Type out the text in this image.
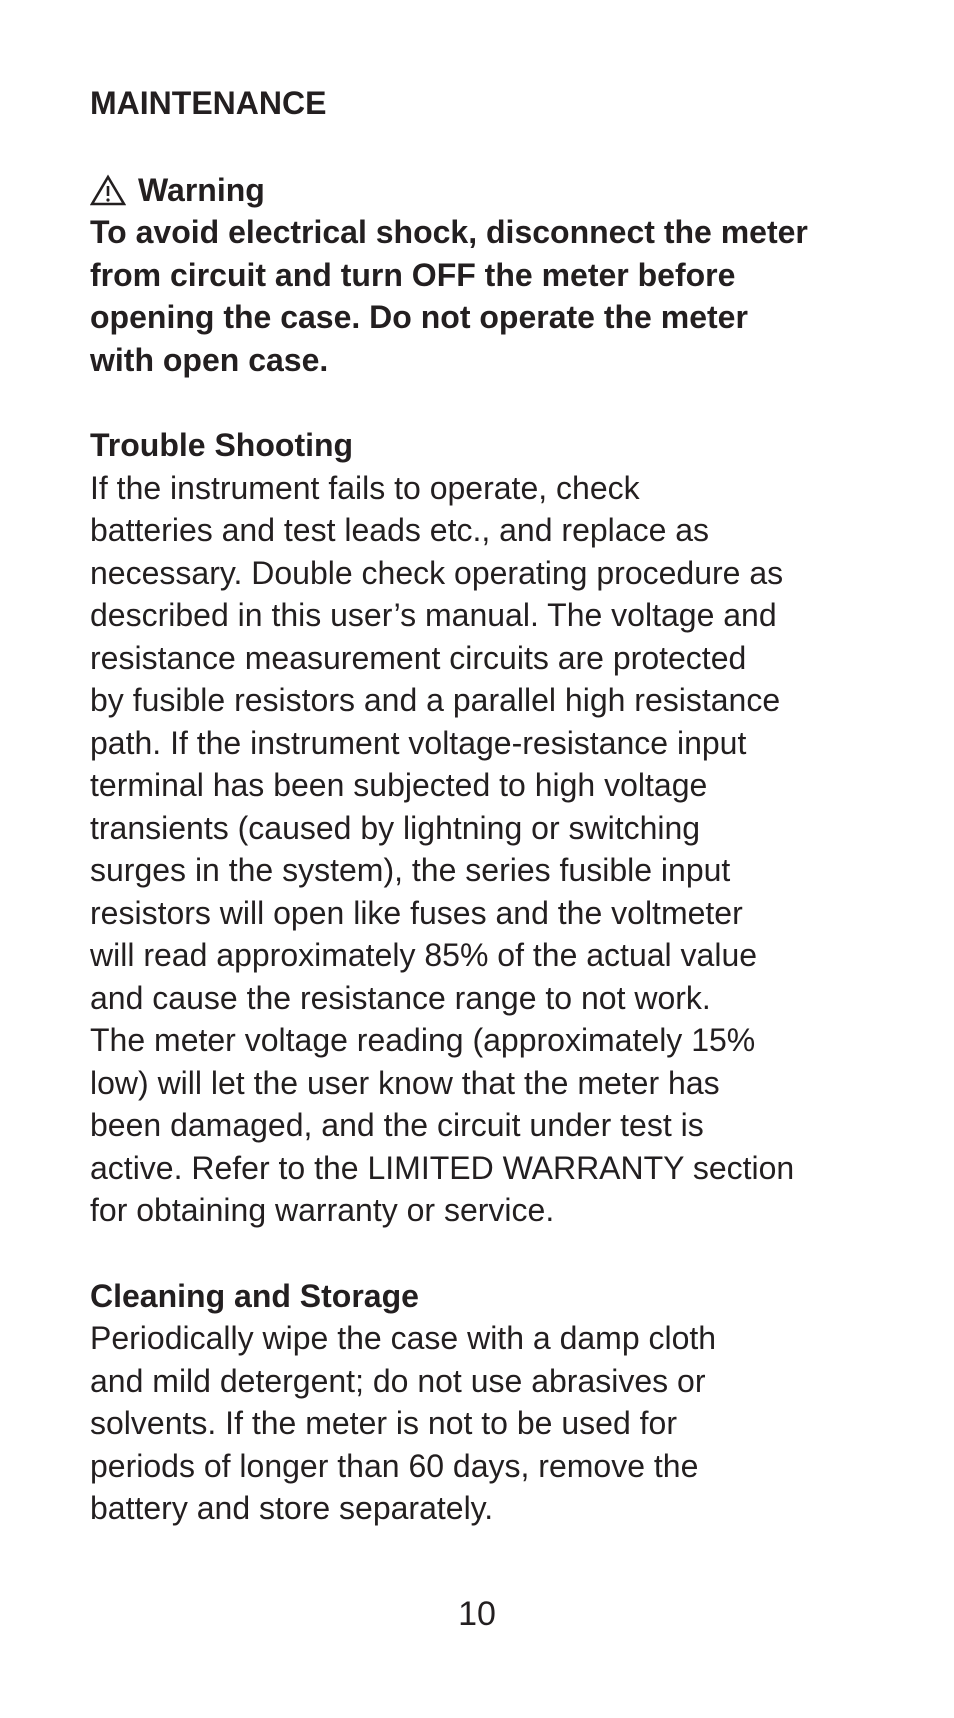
MAINTENANCE
Warning
To avoid electrical shock, disconnect the meter
from circuit and turn OFF the meter before
opening the case. Do not operate the meter
with open case.
Trouble Shooting
If the instrument fails to operate, check
batteries and test leads etc., and replace as
necessary. Double check operating procedure as
described in this user’s manual. The voltage and
resistance measurement circuits are protected
by fusible resistors and a parallel high resistance
path. If the instrument voltage-resistance input
terminal has been subjected to high voltage
transients (caused by lightning or switching
surges in the system), the series fusible input
resistors will open like fuses and the voltmeter
will read approximately 85% of the actual value
and cause the resistance range to not work.
The meter voltage reading (approximately 15%
low) will let the user know that the meter has
been damaged, and the circuit under test is
active. Refer to the LIMITED WARRANTY section
for obtaining warranty or service.
Cleaning and Storage
Periodically wipe the case with a damp cloth
and mild detergent; do not use abrasives or
solvents. If the meter is not to be used for
periods of longer than 60 days, remove the
battery and store separately.
10
